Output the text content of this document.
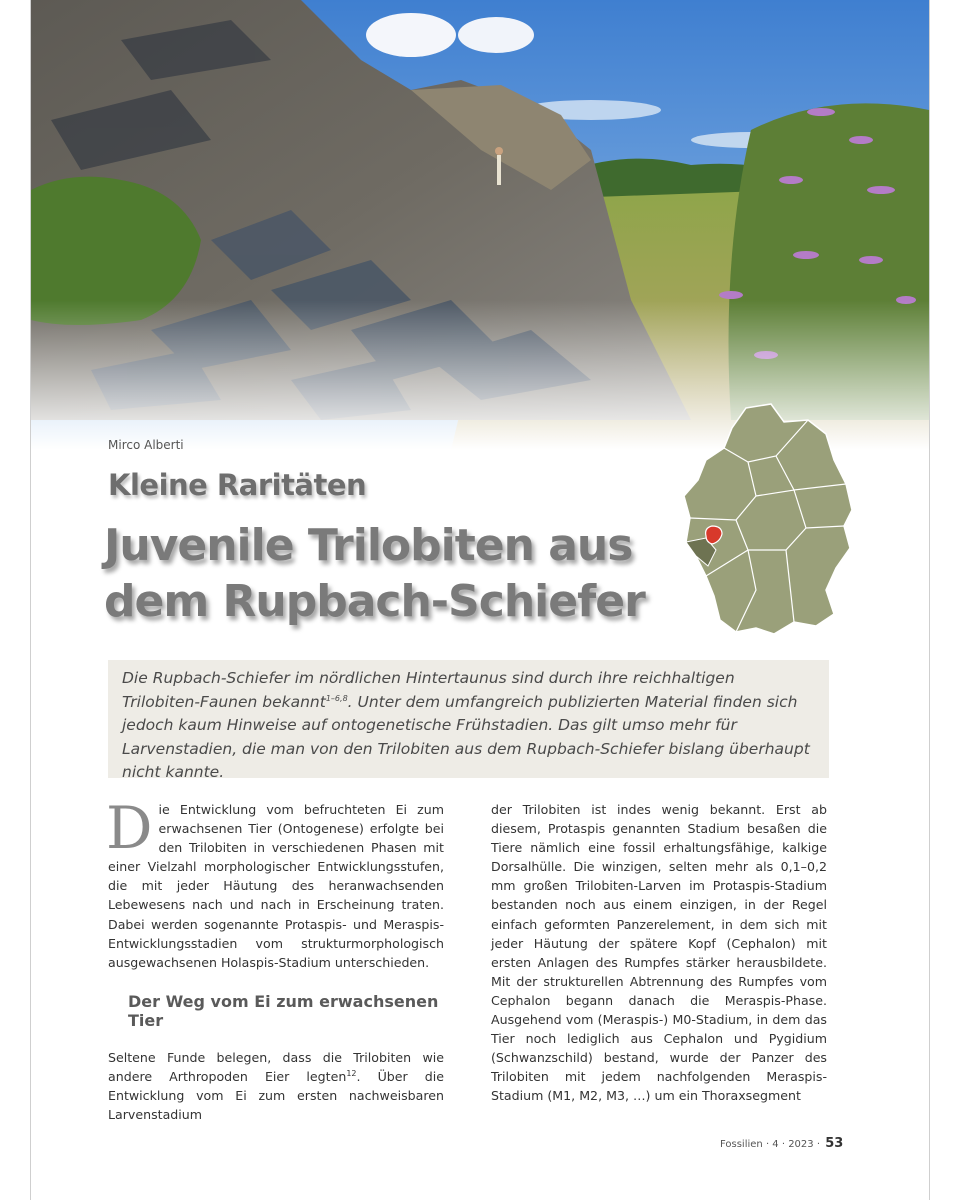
Mirco Alberti
Kleine Raritäten
Juvenile Trilobiten aus
dem Rupbach-Schiefer
Die Rupbach-Schiefer im nördlichen Hintertaunus sind durch ihre reichhaltigen Trilobiten-Faunen bekannt$^{1-6,8}$. Unter dem umfangreich publizierten Material finden sich jedoch kaum Hinweise auf ontogenetische Frühstadien. Das gilt umso mehr für Larvenstadien, die man von den Trilobiten aus dem Rupbach-Schiefer bislang überhaupt nicht kannte.

Die Entwicklung vom befruchteten Ei zum erwachsenen Tier (Ontogenese) erfolgte bei den Trilobiten in verschiedenen Phasen mit einer Vielzahl morphologischer Entwicklungsstufen, die mit jeder Häutung des heranwachsenden Lebewesens nach und nach in Erscheinung traten. Dabei werden sogenannte Protaspis- und Meraspis-Entwicklungsstadien vom strukturmorphologisch ausgewachsenen Holaspis-Stadium unterschieden.

Der Weg vom Ei zum erwachsenen Tier

Seltene Funde belegen, dass die Trilobiten wie andere Arthropoden Eier legten$^{12}$. Über die Entwicklung vom Ei zum ersten nachweisbaren Larvenstadium

der Trilobiten ist indes wenig bekannt. Erst ab diesem, Protaspis genannten Stadium besaßen die Tiere nämlich eine fossil erhaltungsfähige, kalkige Dorsalhülle. Die winzigen, selten mehr als 0,1–0,2 mm großen Trilobiten-Larven im Protaspis-Stadium bestanden noch aus einem einzigen, in der Regel einfach geformten Panzerelement, in dem sich mit jeder Häutung der spätere Kopf (Cephalon) mit ersten Anlagen des Rumpfes stärker herausbildete. Mit der strukturellen Abtrennung des Rumpfes vom Cephalon begann danach die Meraspis-Phase. Ausgehend vom (Meraspis-) M0-Stadium, in dem das Tier noch lediglich aus Cephalon und Pygidium (Schwanzschild) bestand, wurde der Panzer des Trilobiten mit jedem nachfolgenden Meraspis-Stadium (M1, M2, M3, …) um ein Thoraxsegment

Fossilien · 4 · 2023 · 53
